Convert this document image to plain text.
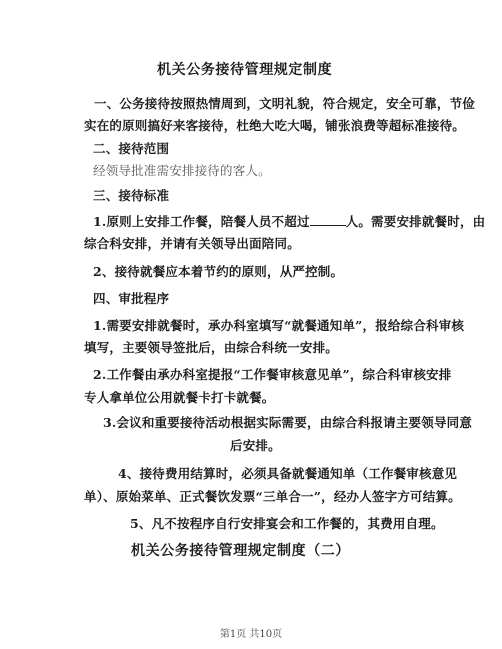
机关公务接待管理规定制度
一、公务接待按照热情周到，文明礼貌，符合规定，安全可靠，节俭
实在的原则搞好来客接待，杜绝大吃大喝，铺张浪费等超标准接待。
二、接待范围
经领导批准需安排接待的客人。
三、接待标准
1.原则上安排工作餐，陪餐人员不超过	人。需要安排就餐时，由
综合科安排，并请有关领导出面陪同。
2、接待就餐应本着节约的原则，从严控制。
四、审批程序
1.需要安排就餐时，承办科室填写“就餐通知单”，报给综合科审核
填写，主要领导签批后，由综合科统一安排。
2.工作餐由承办科室提报“工作餐审核意见单”，综合科审核安排
专人拿单位公用就餐卡打卡就餐。
3.会议和重要接待活动根据实际需要，由综合科报请主要领导同意
后安排。
4、接待费用结算时，必须具备就餐通知单（工作餐审核意见
单）、原始菜单、正式餐饮发票“三单合一”，经办人签字方可结算。
5、凡不按程序自行安排宴会和工作餐的，其费用自理。
机关公务接待管理规定制度（二）
第1页 共10页
